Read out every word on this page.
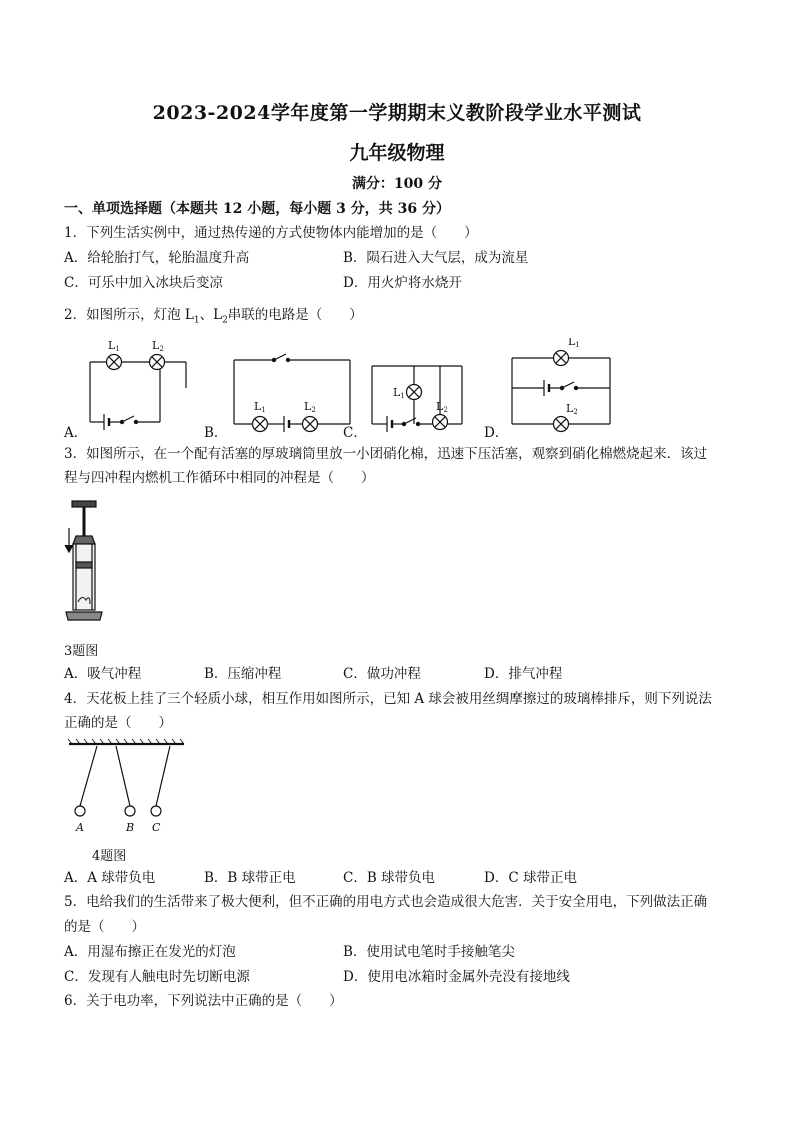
2023-2024学年度第一学期期末义教阶段学业水平测试
九年级物理
满分：100 分
一、单项选择题（本题共 12 小题，每小题 3 分，共 36 分）
1．下列生活实例中，通过热传递的方式使物体内能增加的是（　　）
A．给轮胎打气，轮胎温度升高	B．陨石进入大气层，成为流星
C．可乐中加入冰块后变凉	D．用火炉将水烧开
2．如图所示，灯泡 $L_1$、$L_2$串联的电路是（　　）
L1	L2
L1	L2
L1
L2
L1
L2
A．	B．	C．	D．
3．如图所示，在一个配有活塞的厚玻璃筒里放一小团硝化棉，迅速下压活塞，观察到硝化棉燃烧起来．该过
程与四冲程内燃机工作循环中相同的冲程是（　　）
3题图
A．吸气冲程	B．压缩冲程	C．做功冲程	D．排气冲程
4．天花板上挂了三个轻质小球，相互作用如图所示，已知 A 球会被用丝绸摩擦过的玻璃棒排斥，则下列说法
正确的是（　　）
A	B C
4题图
A．A 球带负电	B．B 球带正电	C．B 球带负电	D．C 球带正电
5．电给我们的生活带来了极大便利，但不正确的用电方式也会造成很大危害．关于安全用电，下列做法正确
的是（　　）
A．用湿布擦正在发光的灯泡	B．使用试电笔时手接触笔尖
C．发现有人触电时先切断电源	D．使用电冰箱时金属外壳没有接地线
6．关于电功率，下列说法中正确的是（　　）
